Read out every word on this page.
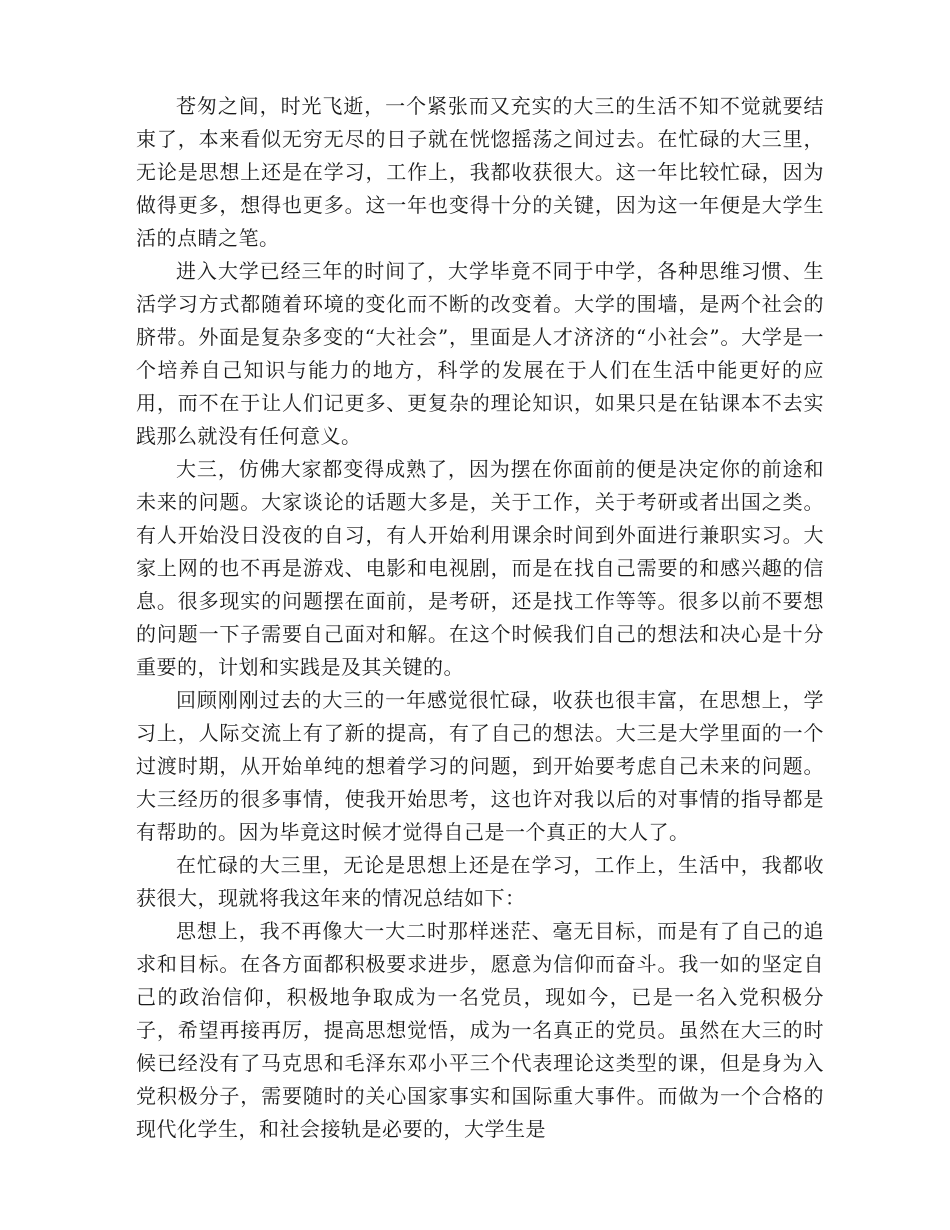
苍匆之间，时光飞逝，一个紧张而又充实的大三的生活不知不觉就要结束了，本来看似无穷无尽的日子就在恍惚摇荡之间过去。在忙碌的大三里，无论是思想上还是在学习，工作上，我都收获很大。这一年比较忙碌，因为做得更多，想得也更多。这一年也变得十分的关键，因为这一年便是大学生活的点睛之笔。

进入大学已经三年的时间了，大学毕竟不同于中学，各种思维习惯、生活学习方式都随着环境的变化而不断的改变着。大学的围墙，是两个社会的脐带。外面是复杂多变的“大社会”，里面是人才济济的“小社会”。大学是一个培养自己知识与能力的地方，科学的发展在于人们在生活中能更好的应用，而不在于让人们记更多、更复杂的理论知识，如果只是在钻课本不去实践那么就没有任何意义。

大三，仿佛大家都变得成熟了，因为摆在你面前的便是决定你的前途和未来的问题。大家谈论的话题大多是，关于工作，关于考研或者出国之类。有人开始没日没夜的自习，有人开始利用课余时间到外面进行兼职实习。大家上网的也不再是游戏、电影和电视剧，而是在找自己需要的和感兴趣的信息。很多现实的问题摆在面前，是考研，还是找工作等等。很多以前不要想的问题一下子需要自己面对和解。在这个时候我们自己的想法和决心是十分重要的，计划和实践是及其关键的。

回顾刚刚过去的大三的一年感觉很忙碌，收获也很丰富，在思想上，学习上，人际交流上有了新的提高，有了自己的想法。大三是大学里面的一个过渡时期，从开始单纯的想着学习的问题，到开始要考虑自己未来的问题。大三经历的很多事情，使我开始思考，这也许对我以后的对事情的指导都是有帮助的。因为毕竟这时候才觉得自己是一个真正的大人了。

在忙碌的大三里，无论是思想上还是在学习，工作上，生活中，我都收获很大，现就将我这年来的情况总结如下：

思想上，我不再像大一大二时那样迷茫、毫无目标，而是有了自己的追求和目标。在各方面都积极要求进步，愿意为信仰而奋斗。我一如的坚定自己的政治信仰，积极地争取成为一名党员，现如今，已是一名入党积极分子，希望再接再厉，提高思想觉悟，成为一名真正的党员。虽然在大三的时候已经没有了马克思和毛泽东邓小平三个代表理论这类型的课，但是身为入党积极分子，需要随时的关心国家事实和国际重大事件。而做为一个合格的现代化学生，和社会接轨是必要的，大学生是
